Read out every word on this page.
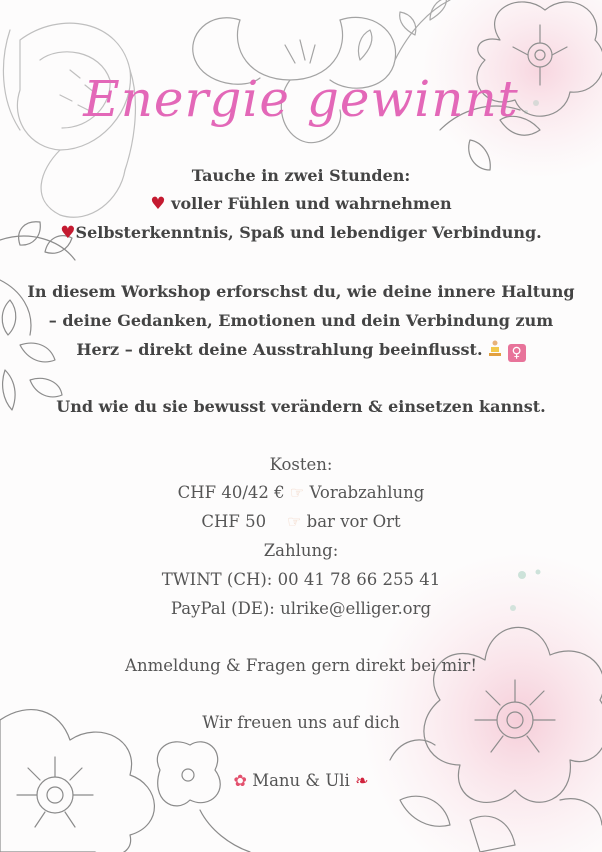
Energie gewinnt
Tauche in zwei Stunden:
♥ voller Fühlen und wahrnehmen
♥Selbsterkenntnis, Spaß und lebendiger Verbindung.
In diesem Workshop erforschst du, wie deine innere Haltung
– deine Gedanken, Emotionen und dein Verbindung zum
Herz – direkt deine Ausstrahlung beeinflusst. ♀
Und wie du sie bewusst verändern & einsetzen kannst.
Kosten:
CHF 40/42 € ☞ Vorabzahlung
CHF 50 ☞ bar vor Ort
Zahlung:
TWINT (CH): 00 41 78 66 255 41
PayPal (DE): ulrike@elliger.org
Anmeldung & Fragen gern direkt bei mir!
Wir freuen uns auf dich
✿ Manu & Uli ❧
